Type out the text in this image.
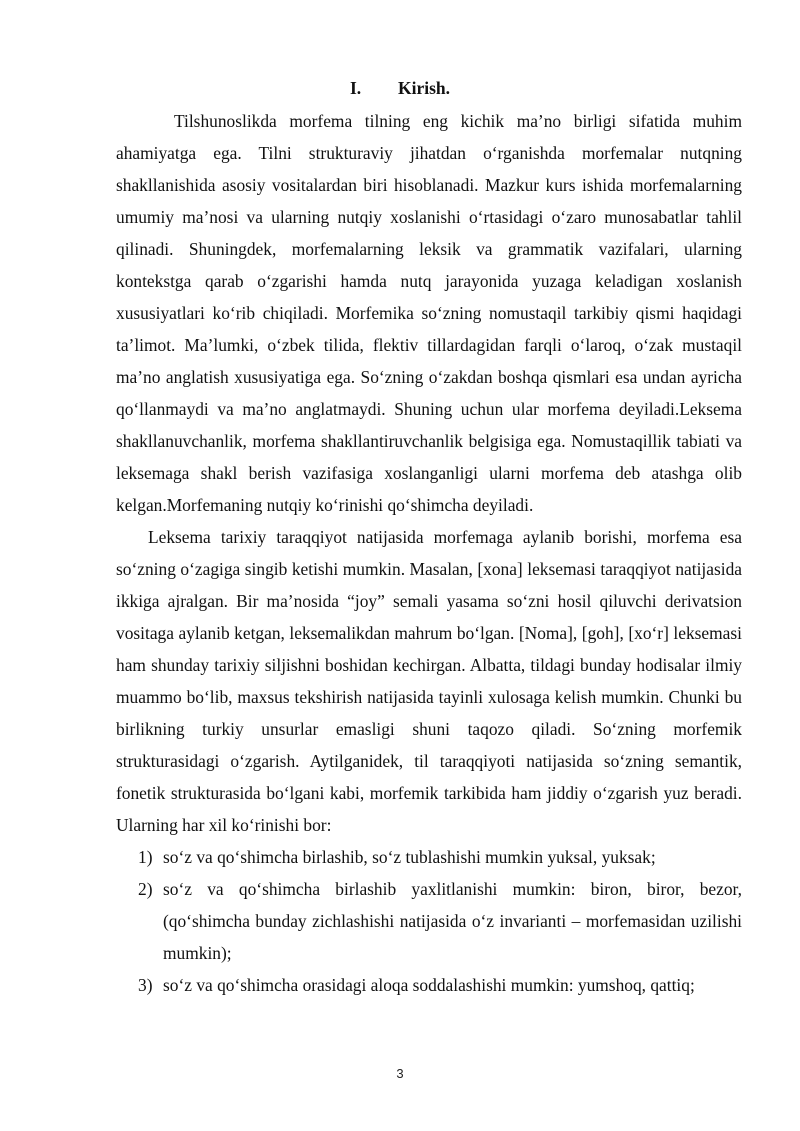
I. Kirish.

Tilshunoslikda morfema tilning eng kichik ma’no birligi sifatida muhim ahamiyatga ega. Tilni strukturaviy jihatdan o‘rganishda morfemalar nutqning shakllanishida asosiy vositalardan biri hisoblanadi. Mazkur kurs ishida morfemalarning umumiy ma’nosi va ularning nutqiy xoslanishi o‘rtasidagi o‘zaro munosabatlar tahlil qilinadi. Shuningdek, morfemalarning leksik va grammatik vazifalari, ularning kontekstga qarab o‘zgarishi hamda nutq jarayonida yuzaga keladigan xoslanish xususiyatlari ko‘rib chiqiladi. Morfemika so‘zning nomustaqil tarkibiy qismi haqidagi ta’limot. Ma’lumki, o‘zbek tilida, flektiv tillardagidan farqli o‘laroq, o‘zak mustaqil ma’no anglatish xususiyatiga ega. So‘zning o‘zakdan boshqa qismlari esa undan ayricha qo‘llanmaydi va ma’no anglatmaydi. Shuning uchun ular morfema deyiladi.Leksema shakllanuvchanlik, morfema shakllantiruvchanlik belgisiga ega. Nomustaqillik tabiati va leksemaga shakl berish vazifasiga xoslanganligi ularni morfema deb atashga olib kelgan.Morfemaning nutqiy ko‘rinishi qo‘shimcha deyiladi.

Leksema tarixiy taraqqiyot natijasida morfemaga aylanib borishi, morfema esa so‘zning o‘zagiga singib ketishi mumkin. Masalan, [xona] leksemasi taraqqiyot natijasida ikkiga ajralgan. Bir ma’nosida “joy” semali yasama so‘zni hosil qiluvchi derivatsion vositaga aylanib ketgan, leksemalikdan mahrum bo‘lgan. [Noma], [goh], [xo‘r] leksemasi ham shunday tarixiy siljishni boshidan kechirgan. Albatta, tildagi bunday hodisalar ilmiy muammo bo‘lib, maxsus tekshirish natijasida tayinli xulosaga kelish mumkin. Chunki bu birlikning turkiy unsurlar emasligi shuni taqozo qiladi. So‘zning morfemik strukturasidagi o‘zgarish. Aytilganidek, til taraqqiyoti natijasida so‘zning semantik, fonetik strukturasida bo‘lgani kabi, morfemik tarkibida ham jiddiy o‘zgarish yuz beradi. Ularning har xil ko‘rinishi bor:

1) so‘z va qo‘shimcha birlashib, so‘z tublashishi mumkin yuksal, yuksak;
2) so‘z va qo‘shimcha birlashib yaxlitlanishi mumkin: biron, biror, bezor, (qo‘shimcha bunday zichlashishi natijasida o‘z invarianti – morfemasidan uzilishi mumkin);
3) so‘z va qo‘shimcha orasidagi aloqa soddalashishi mumkin: yumshoq, qattiq;
3
